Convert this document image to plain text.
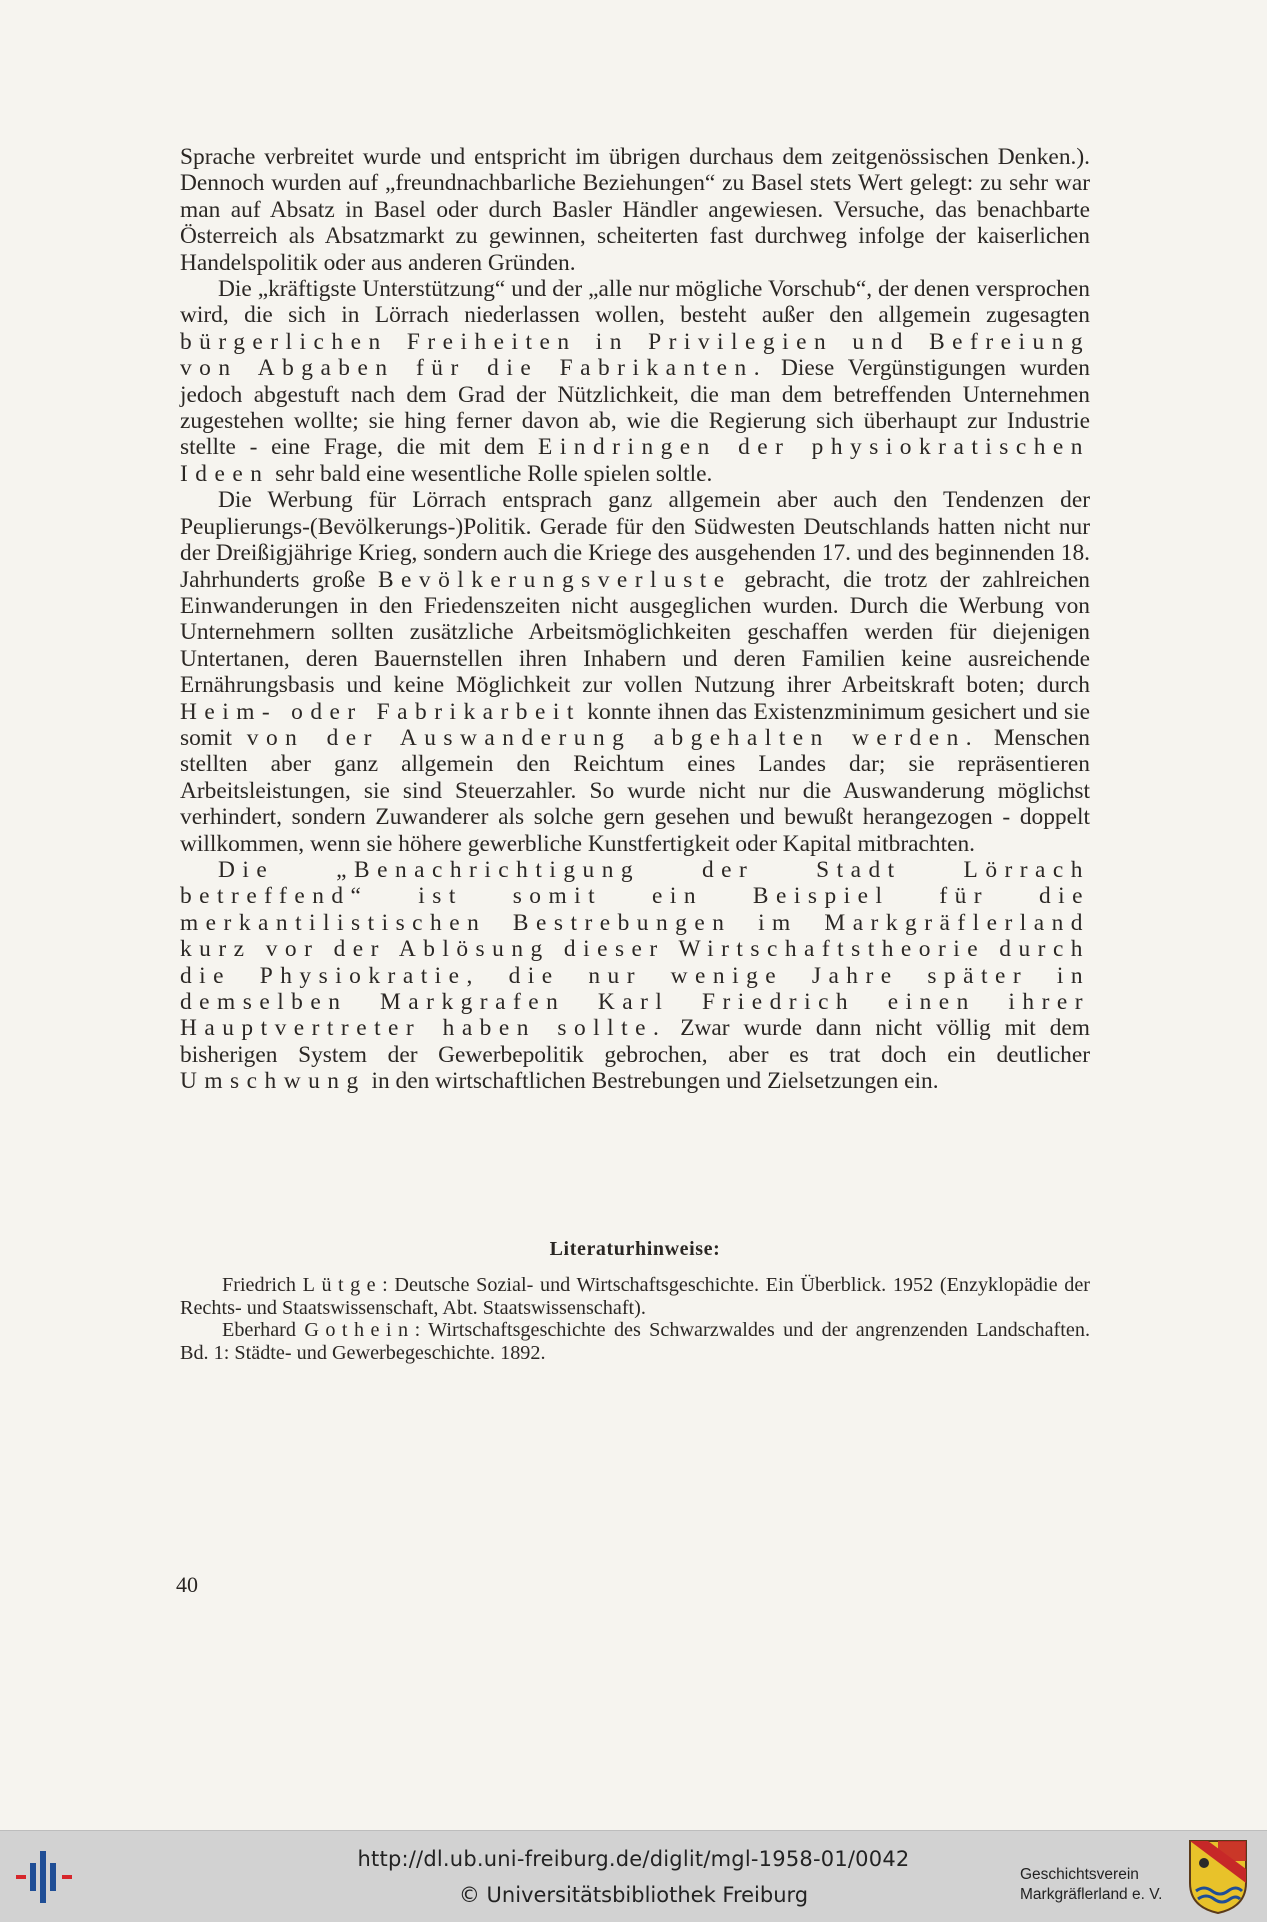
Sprache verbreitet wurde und entspricht im übrigen durchaus dem zeitgenössischen Denken.). Dennoch wurden auf „freundnachbarliche Beziehungen“ zu Basel stets Wert gelegt: zu sehr war man auf Absatz in Basel oder durch Basler Händler angewiesen. Versuche, das benachbarte Österreich als Absatzmarkt zu gewinnen, scheiterten fast durchweg infolge der kaiserlichen Handelspolitik oder aus anderen Gründen.

Die „kräftigste Unterstützung“ und der „alle nur mögliche Vorschub“, der denen versprochen wird, die sich in Lörrach niederlassen wollen, besteht außer den allgemein zugesagten bürgerlichen Freiheiten in Privilegien und Befreiung von Abgaben für die Fabrikanten. Diese Vergünstigungen wurden jedoch abgestuft nach dem Grad der Nützlichkeit, die man dem betreffenden Unternehmen zugestehen wollte; sie hing ferner davon ab, wie die Regierung sich überhaupt zur Industrie stellte - eine Frage, die mit dem Eindringen der physiokratischen Ideen sehr bald eine wesentliche Rolle spielen soltle.

Die Werbung für Lörrach entsprach ganz allgemein aber auch den Tendenzen der Peuplierungs-(Bevölkerungs-)Politik. Gerade für den Südwesten Deutschlands hatten nicht nur der Dreißigjährige Krieg, sondern auch die Kriege des ausgehenden 17. und des beginnenden 18. Jahrhunderts große Bevölkerungsverluste gebracht, die trotz der zahlreichen Einwanderungen in den Friedenszeiten nicht ausgeglichen wurden. Durch die Werbung von Unternehmern sollten zusätzliche Arbeitsmöglichkeiten geschaffen werden für diejenigen Untertanen, deren Bauernstellen ihren Inhabern und deren Familien keine ausreichende Ernährungsbasis und keine Möglichkeit zur vollen Nutzung ihrer Arbeitskraft boten; durch Heim- oder Fabrikarbeit konnte ihnen das Existenzminimum gesichert und sie somit von der Auswanderung abgehalten werden. Menschen stellten aber ganz allgemein den Reichtum eines Landes dar; sie repräsentieren Arbeitsleistungen, sie sind Steuerzahler. So wurde nicht nur die Auswanderung möglichst verhindert, sondern Zuwanderer als solche gern gesehen und bewußt herangezogen - doppelt willkommen, wenn sie höhere gewerbliche Kunstfertigkeit oder Kapital mitbrachten.

Die „Benachrichtigung der Stadt Lörrach betreffend“ ist somit ein Beispiel für die merkantilistischen Bestrebungen im Markgräflerland kurz vor der Ablösung dieser Wirtschaftstheorie durch die Physiokratie, die nur wenige Jahre später in demselben Markgrafen Karl Friedrich einen ihrer Hauptvertreter haben sollte. Zwar wurde dann nicht völlig mit dem bisherigen System der Gewerbepolitik gebrochen, aber es trat doch ein deutlicher Umschwung in den wirtschaftlichen Bestrebungen und Zielsetzungen ein.

Literaturhinweise:

Friedrich Lütge: Deutsche Sozial- und Wirtschaftsgeschichte. Ein Überblick. 1952 (Enzyklopädie der Rechts- und Staatswissenschaft, Abt. Staatswissenschaft).

Eberhard Gothein: Wirtschaftsgeschichte des Schwarzwaldes und der angrenzenden Landschaften. Bd. 1: Städte- und Gewerbegeschichte. 1892.

40
http://dl.ub.uni-freiburg.de/diglit/mgl-1958-01/0042
© Universitätsbibliothek Freiburg
Geschichtsverein
Markgräflerland e. V.
